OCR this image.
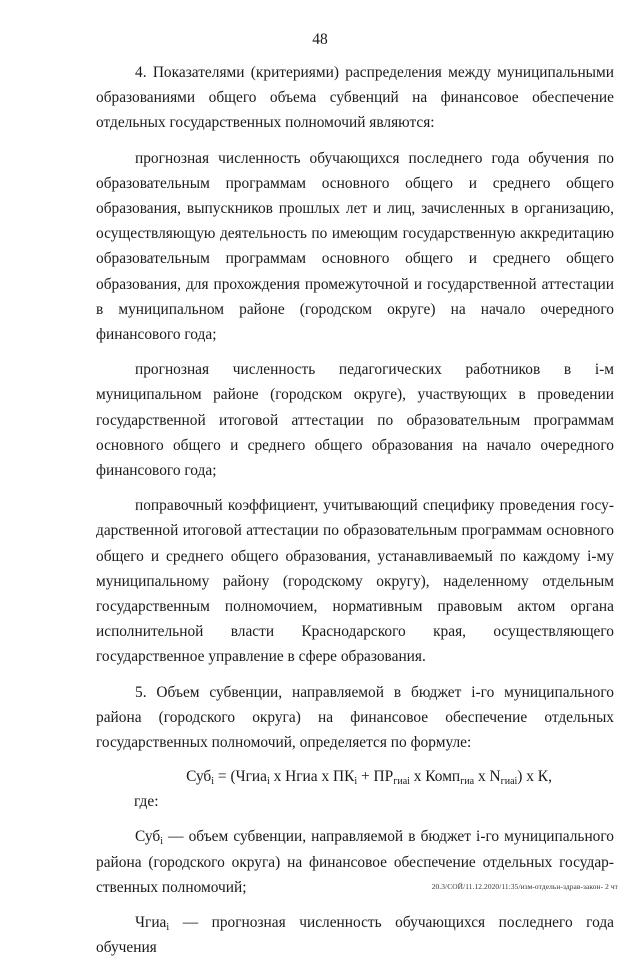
48

4. Показателями (критериями) распределения между муниципальными образованиями общего объема субвенций на финансовое обеспечение отдельных государственных полномочий являются:

прогнозная численность обучающихся последнего года обучения по образовательным программам основного общего и среднего общего образования, выпускников прошлых лет и лиц, зачисленных в организацию, осуществляющую деятельность по имеющим государственную аккредитацию образовательным программам основного общего и среднего общего образования, для прохождения промежуточной и государственной аттестации в муниципальном районе (городском округе) на начало очередного финансового года;

прогнозная численность педагогических работников в i-м муниципальном районе (городском округе), участвующих в проведении государственной итоговой аттестации по образовательным программам основного общего и среднего общего образования на начало очередного финансового года;

поправочный коэффициент, учитывающий специфику проведения государственной итоговой аттестации по образовательным программам основного общего и среднего общего образования, устанавливаемый по каждому i-му муниципальному району (городскому округу), наделенному отдельным государственным полномочием, нормативным правовым актом органа исполнительной власти Краснодарского края, осуществляющего государственное управление в сфере образования.

5. Объем субвенции, направляемой в бюджет i-го муниципального района (городского округа) на финансовое обеспечение отдельных государственных полномочий, определяется по формуле:

Суб$_i$ = (Чгиа$_i$ х Нгиа х $ПК_i + ПР_{гиаi}$ х Комп$_{гиа}$ х $N_{гиаi}$) х К,

где:

Суб$_i$ — объем субвенции, направляемой в бюджет i-го муниципального района (городского округа) на финансовое обеспечение отдельных государственных полномочий;

Чгиа$_i$ — прогнозная численность обучающихся последнего года обучения

20.3/СОЙ/11.12.2020/11:35/изм-отдельн-здрав-закон- 2 чт
